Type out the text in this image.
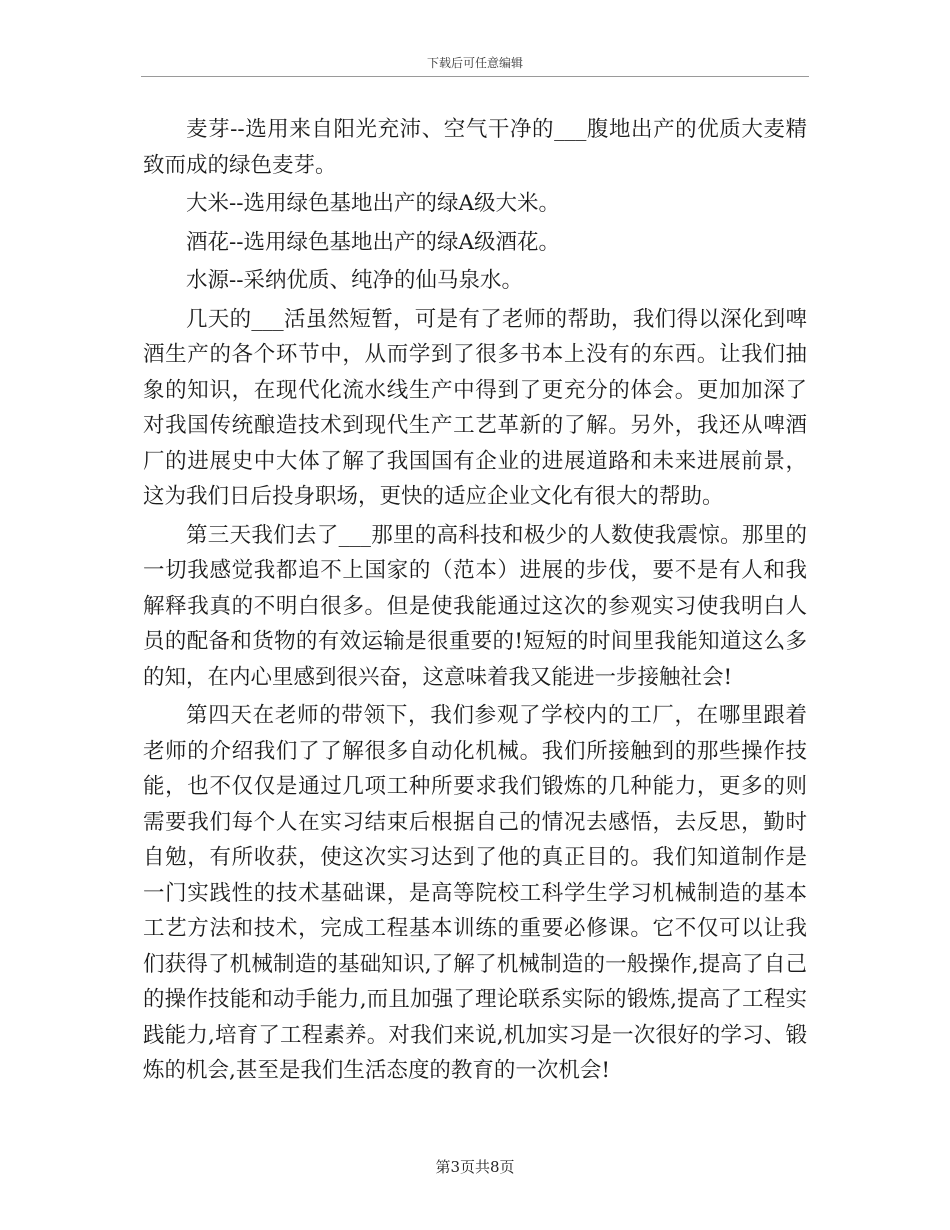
下载后可任意编辑

麦芽--选用来自阳光充沛、空气干净的___腹地出产的优质大麦精致而成的绿色麦芽。

大米--选用绿色基地出产的绿A级大米。

酒花--选用绿色基地出产的绿A级酒花。

水源--采纳优质、纯净的仙马泉水。

几天的___活虽然短暂，可是有了老师的帮助，我们得以深化到啤酒生产的各个环节中，从而学到了很多书本上没有的东西。让我们抽象的知识，在现代化流水线生产中得到了更充分的体会。更加加深了对我国传统酿造技术到现代生产工艺革新的了解。另外，我还从啤酒厂的进展史中大体了解了我国国有企业的进展道路和未来进展前景，这为我们日后投身职场，更快的适应企业文化有很大的帮助。

第三天我们去了___那里的高科技和极少的人数使我震惊。那里的一切我感觉我都追不上国家的（范本）进展的步伐，要不是有人和我解释我真的不明白很多。但是使我能通过这次的参观实习使我明白人员的配备和货物的有效运输是很重要的!短短的时间里我能知道这么多的知，在内心里感到很兴奋，这意味着我又能进一步接触社会!

第四天在老师的带领下，我们参观了学校内的工厂，在哪里跟着老师的介绍我们了了解很多自动化机械。我们所接触到的那些操作技能，也不仅仅是通过几项工种所要求我们锻炼的几种能力，更多的则需要我们每个人在实习结束后根据自己的情况去感悟，去反思，勤时自勉，有所收获，使这次实习达到了他的真正目的。我们知道制作是一门实践性的技术基础课，是高等院校工科学生学习机械制造的基本工艺方法和技术，完成工程基本训练的重要必修课。它不仅可以让我们获得了机械制造的基础知识,了解了机械制造的一般操作,提高了自己的操作技能和动手能力,而且加强了理论联系实际的锻炼,提高了工程实践能力,培育了工程素养。对我们来说,机加实习是一次很好的学习、锻炼的机会,甚至是我们生活态度的教育的一次机会!

第3页共8页
